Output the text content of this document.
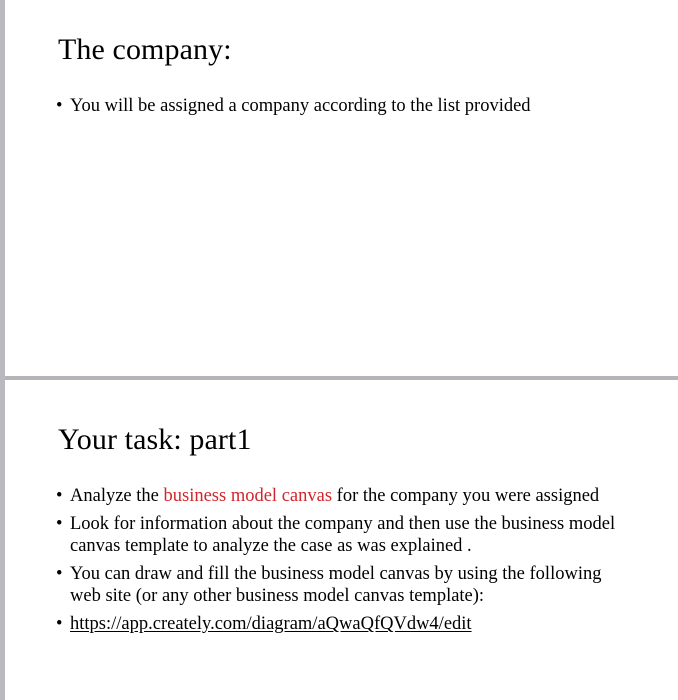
The company:
• You will be assigned a company according to the list provided
Your task: part1
• Analyze the business model canvas for the company you were assigned
• Look for information about the company and then use the business model canvas template to analyze the case as was explained .
• You can draw and fill the business model canvas by using the following web site (or any other business model canvas template):
• https://app.creately.com/diagram/aQwaQfQVdw4/edit
